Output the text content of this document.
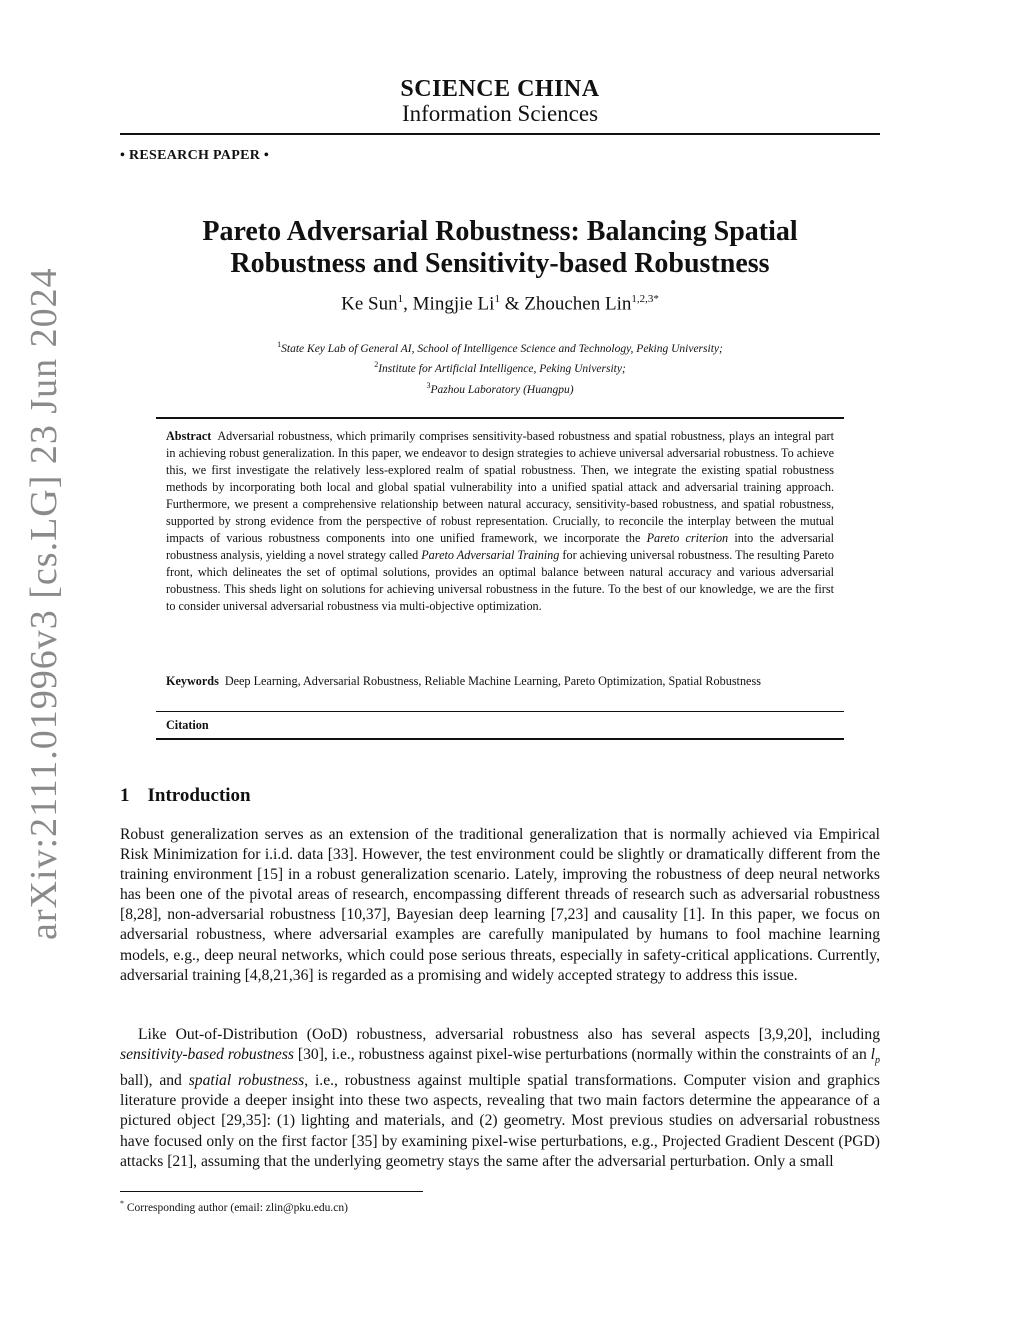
arXiv:2111.01996v3 [cs.LG] 23 Jun 2024
SCIENCE CHINA
Information Sciences
• RESEARCH PAPER •
Pareto Adversarial Robustness: Balancing Spatial
Robustness and Sensitivity-based Robustness
Ke Sun$^1$, Mingjie Li$^1$ & Zhouchen Lin$^{1,2,3*}$
$^1$State Key Lab of General AI, School of Intelligence Science and Technology, Peking University;
$^2$Institute for Artificial Intelligence, Peking University;
$^3$Pazhou Laboratory (Huangpu)
Abstract Adversarial robustness, which primarily comprises sensitivity-based robustness and spatial robustness, plays an integral part in achieving robust generalization. In this paper, we endeavor to design strategies to achieve universal adversarial robustness. To achieve this, we first investigate the relatively less-explored realm of spatial robustness. Then, we integrate the existing spatial robustness methods by incorporating both local and global spatial vulnerability into a unified spatial attack and adversarial training approach. Furthermore, we present a comprehensive relationship between natural accuracy, sensitivity-based robustness, and spatial robustness, supported by strong evidence from the perspective of robust representation. Crucially, to reconcile the interplay between the mutual impacts of various robustness components into one unified framework, we incorporate the Pareto criterion into the adversarial robustness analysis, yielding a novel strategy called Pareto Adversarial Training for achieving universal robustness. The resulting Pareto front, which delineates the set of optimal solutions, provides an optimal balance between natural accuracy and various adversarial robustness. This sheds light on solutions for achieving universal robustness in the future. To the best of our knowledge, we are the first to consider universal adversarial robustness via multi-objective optimization.
Keywords Deep Learning, Adversarial Robustness, Reliable Machine Learning, Pareto Optimization, Spatial Robustness
Citation
1 Introduction
Robust generalization serves as an extension of the traditional generalization that is normally achieved via Empirical Risk Minimization for i.i.d. data [33]. However, the test environment could be slightly or dramatically different from the training environment [15] in a robust generalization scenario. Lately, improving the robustness of deep neural networks has been one of the pivotal areas of research, encompassing different threads of research such as adversarial robustness [8,28], non-adversarial robustness [10,37], Bayesian deep learning [7,23] and causality [1]. In this paper, we focus on adversarial robustness, where adversarial examples are carefully manipulated by humans to fool machine learning models, e.g., deep neural networks, which could pose serious threats, especially in safety-critical applications. Currently, adversarial training [4,8,21,36] is regarded as a promising and widely accepted strategy to address this issue.
Like Out-of-Distribution (OoD) robustness, adversarial robustness also has several aspects [3,9,20], including sensitivity-based robustness [30], i.e., robustness against pixel-wise perturbations (normally within the constraints of an $l_p$ ball), and spatial robustness, i.e., robustness against multiple spatial transformations. Computer vision and graphics literature provide a deeper insight into these two aspects, revealing that two main factors determine the appearance of a pictured object [29,35]: (1) lighting and materials, and (2) geometry. Most previous studies on adversarial robustness have focused only on the first factor [35] by examining pixel-wise perturbations, e.g., Projected Gradient Descent (PGD) attacks [21], assuming that the underlying geometry stays the same after the adversarial perturbation. Only a small
* Corresponding author (email: zlin@pku.edu.cn)
